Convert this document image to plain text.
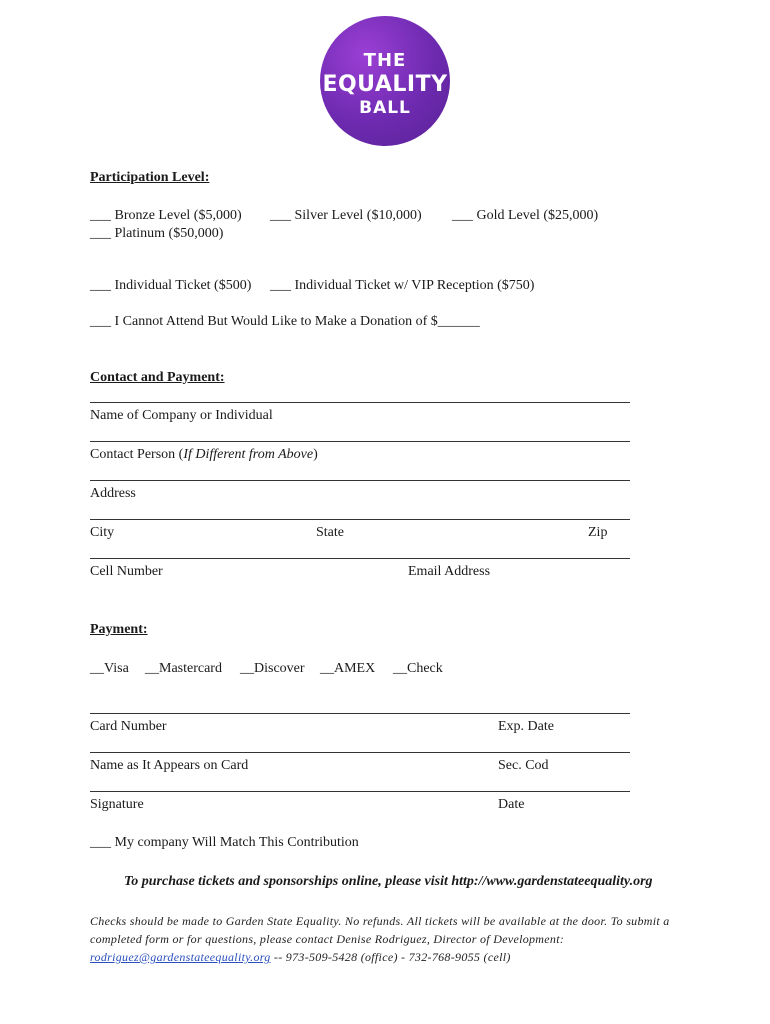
THE
EQUALITY
BALL
Participation Level:
___ Bronze Level ($5,000) ___ Silver Level ($10,000) ___ Gold Level ($25,000)
___ Platinum ($50,000)
___ Individual Ticket ($500) ___ Individual Ticket w/ VIP Reception ($750)
___ I Cannot Attend But Would Like to Make a Donation of $______
Contact and Payment:
Name of Company or Individual
Contact Person (If Different from Above)
Address
City	State	Zip
Cell Number	Email Address
Payment:
__Visa __Mastercard __Discover __AMEX __Check
Card Number	Exp. Date
Name as It Appears on Card	Sec. Cod
Signature	Date
___ My company Will Match This Contribution
To purchase tickets and sponsorships online, please visit http://www.gardenstateequality.org
Checks should be made to Garden State Equality. No refunds. All tickets will be available at the door. To submit a
completed form or for questions, please contact Denise Rodriguez, Director of Development:
rodriguez@gardenstateequality.org -- 973-509-5428 (office) - 732-768-9055 (cell)
